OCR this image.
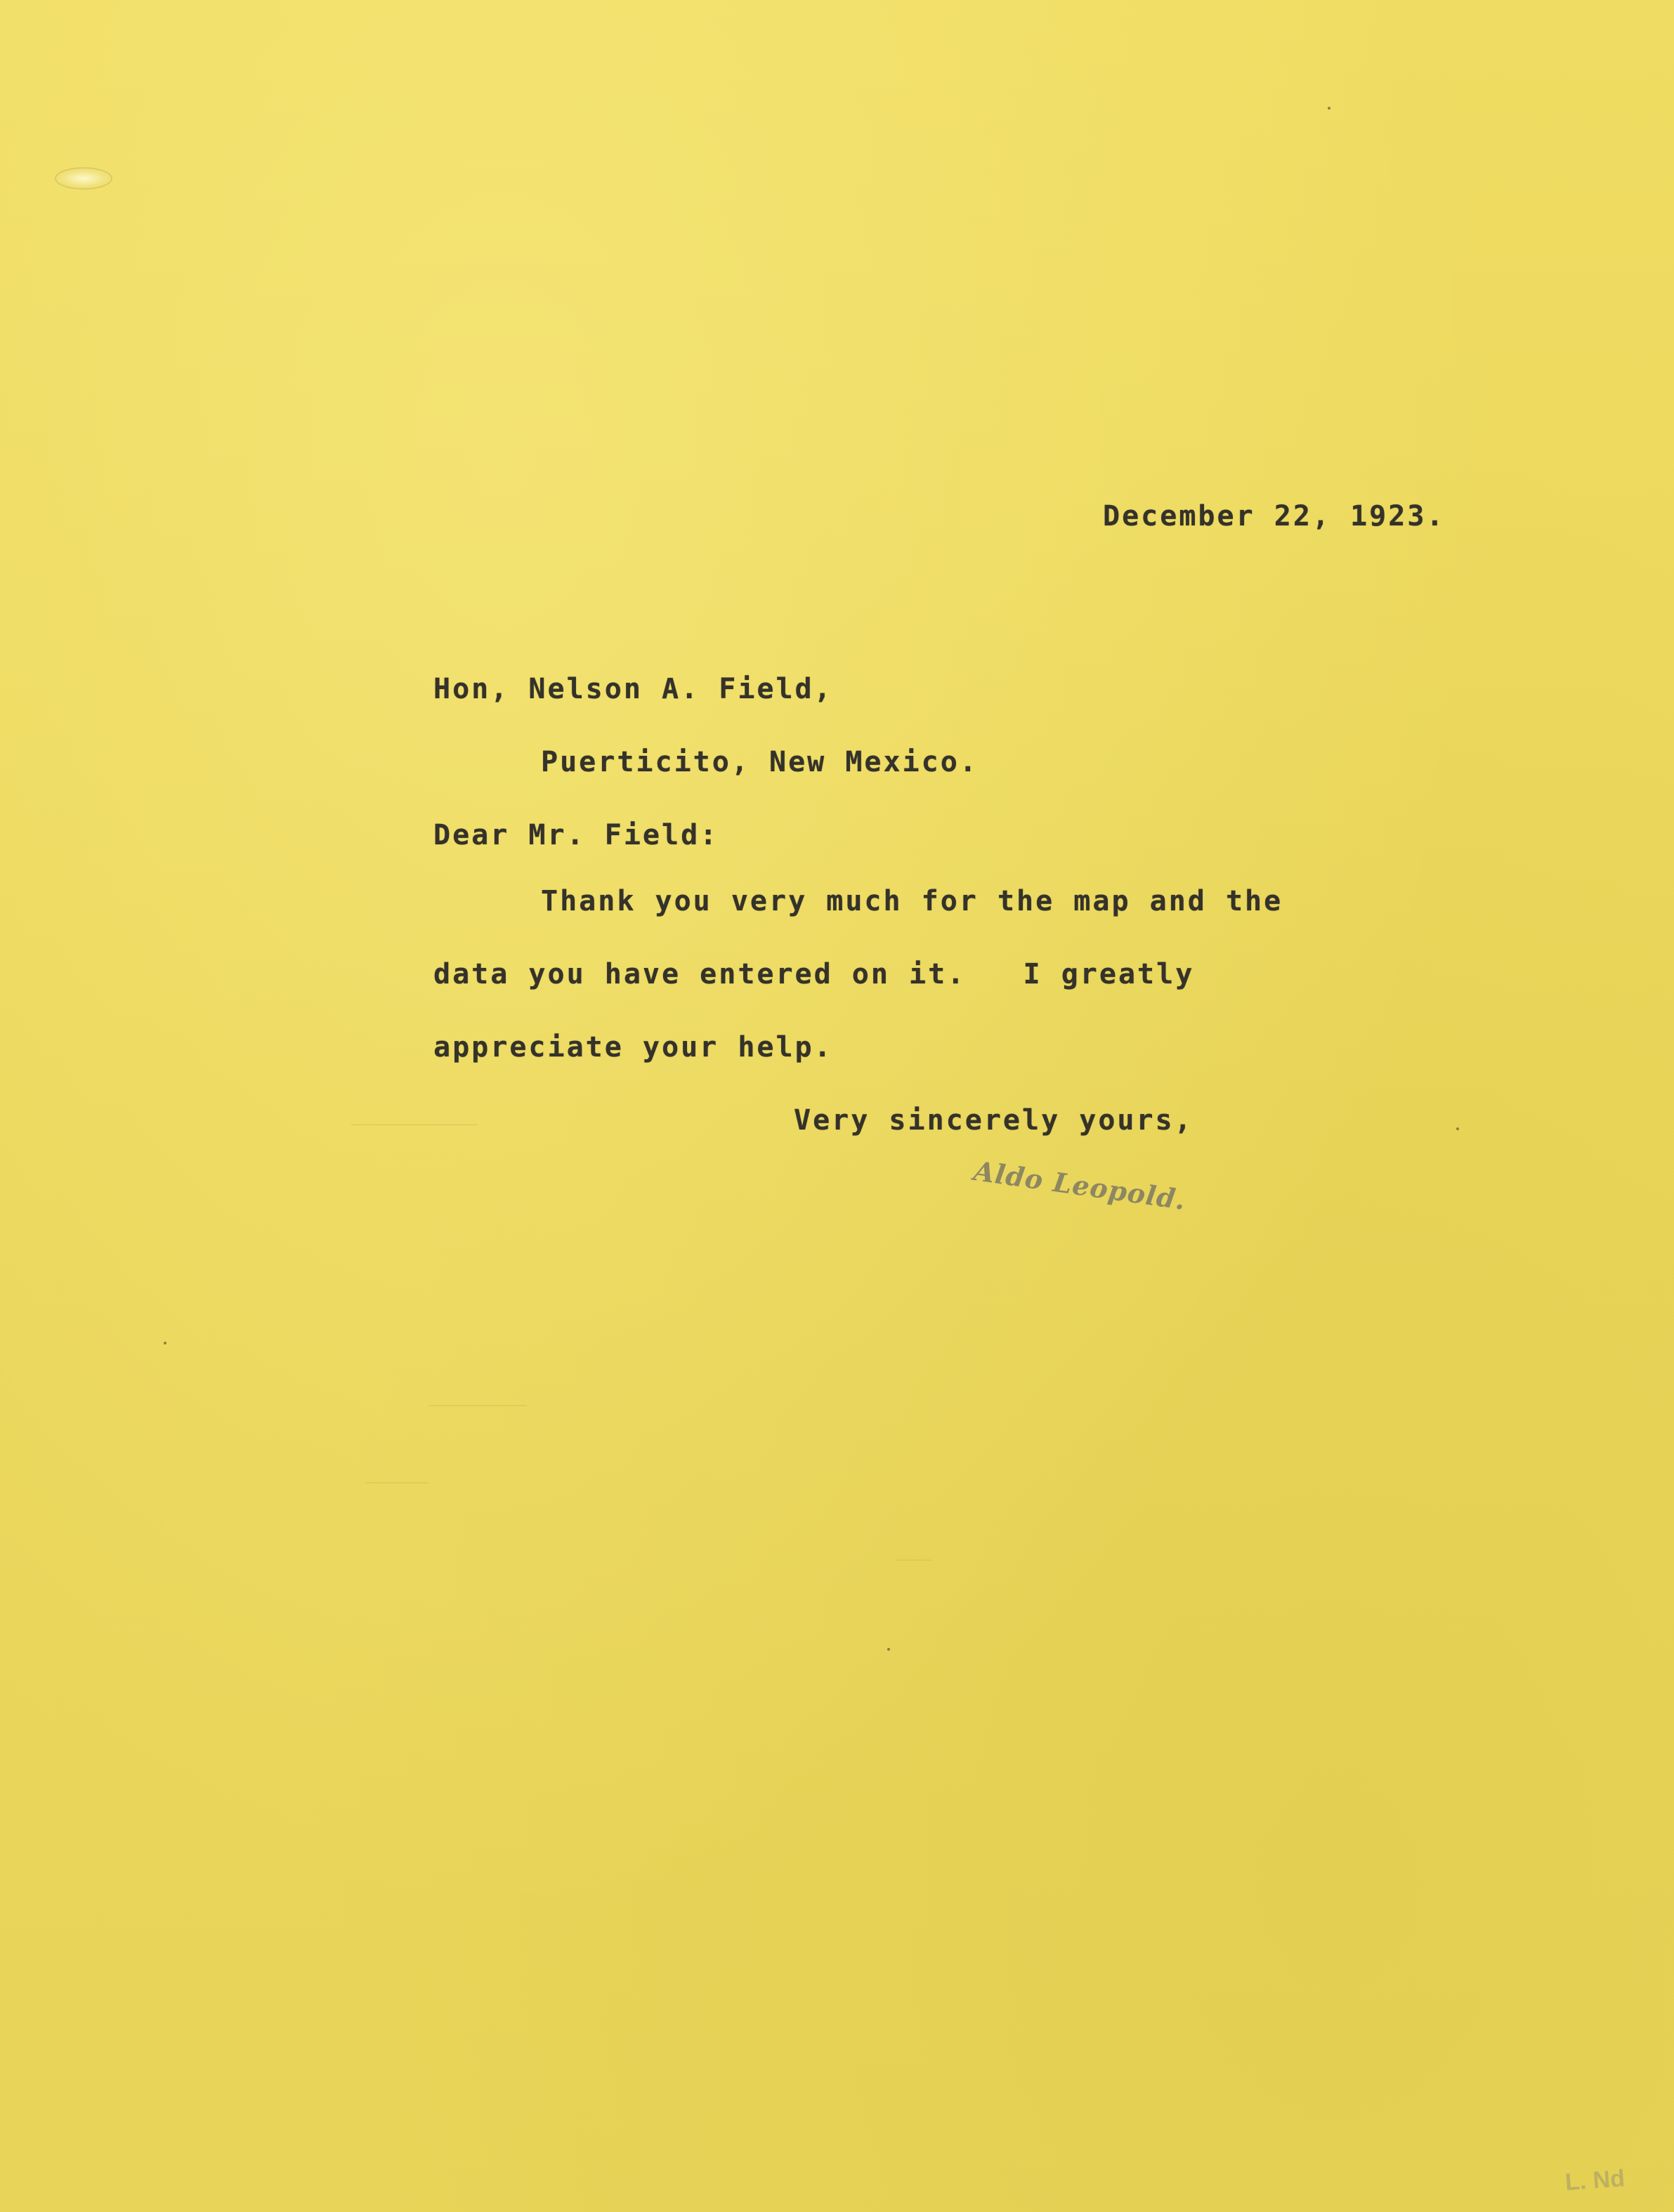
December 22, 1923.
Hon, Nelson A. Field,
Puerticito, New Mexico.
Dear Mr. Field:
Thank you very much for the map and the
data you have entered on it.   I greatly
appreciate your help.
Very sincerely yours,
Aldo Leopold.
L. Nd
